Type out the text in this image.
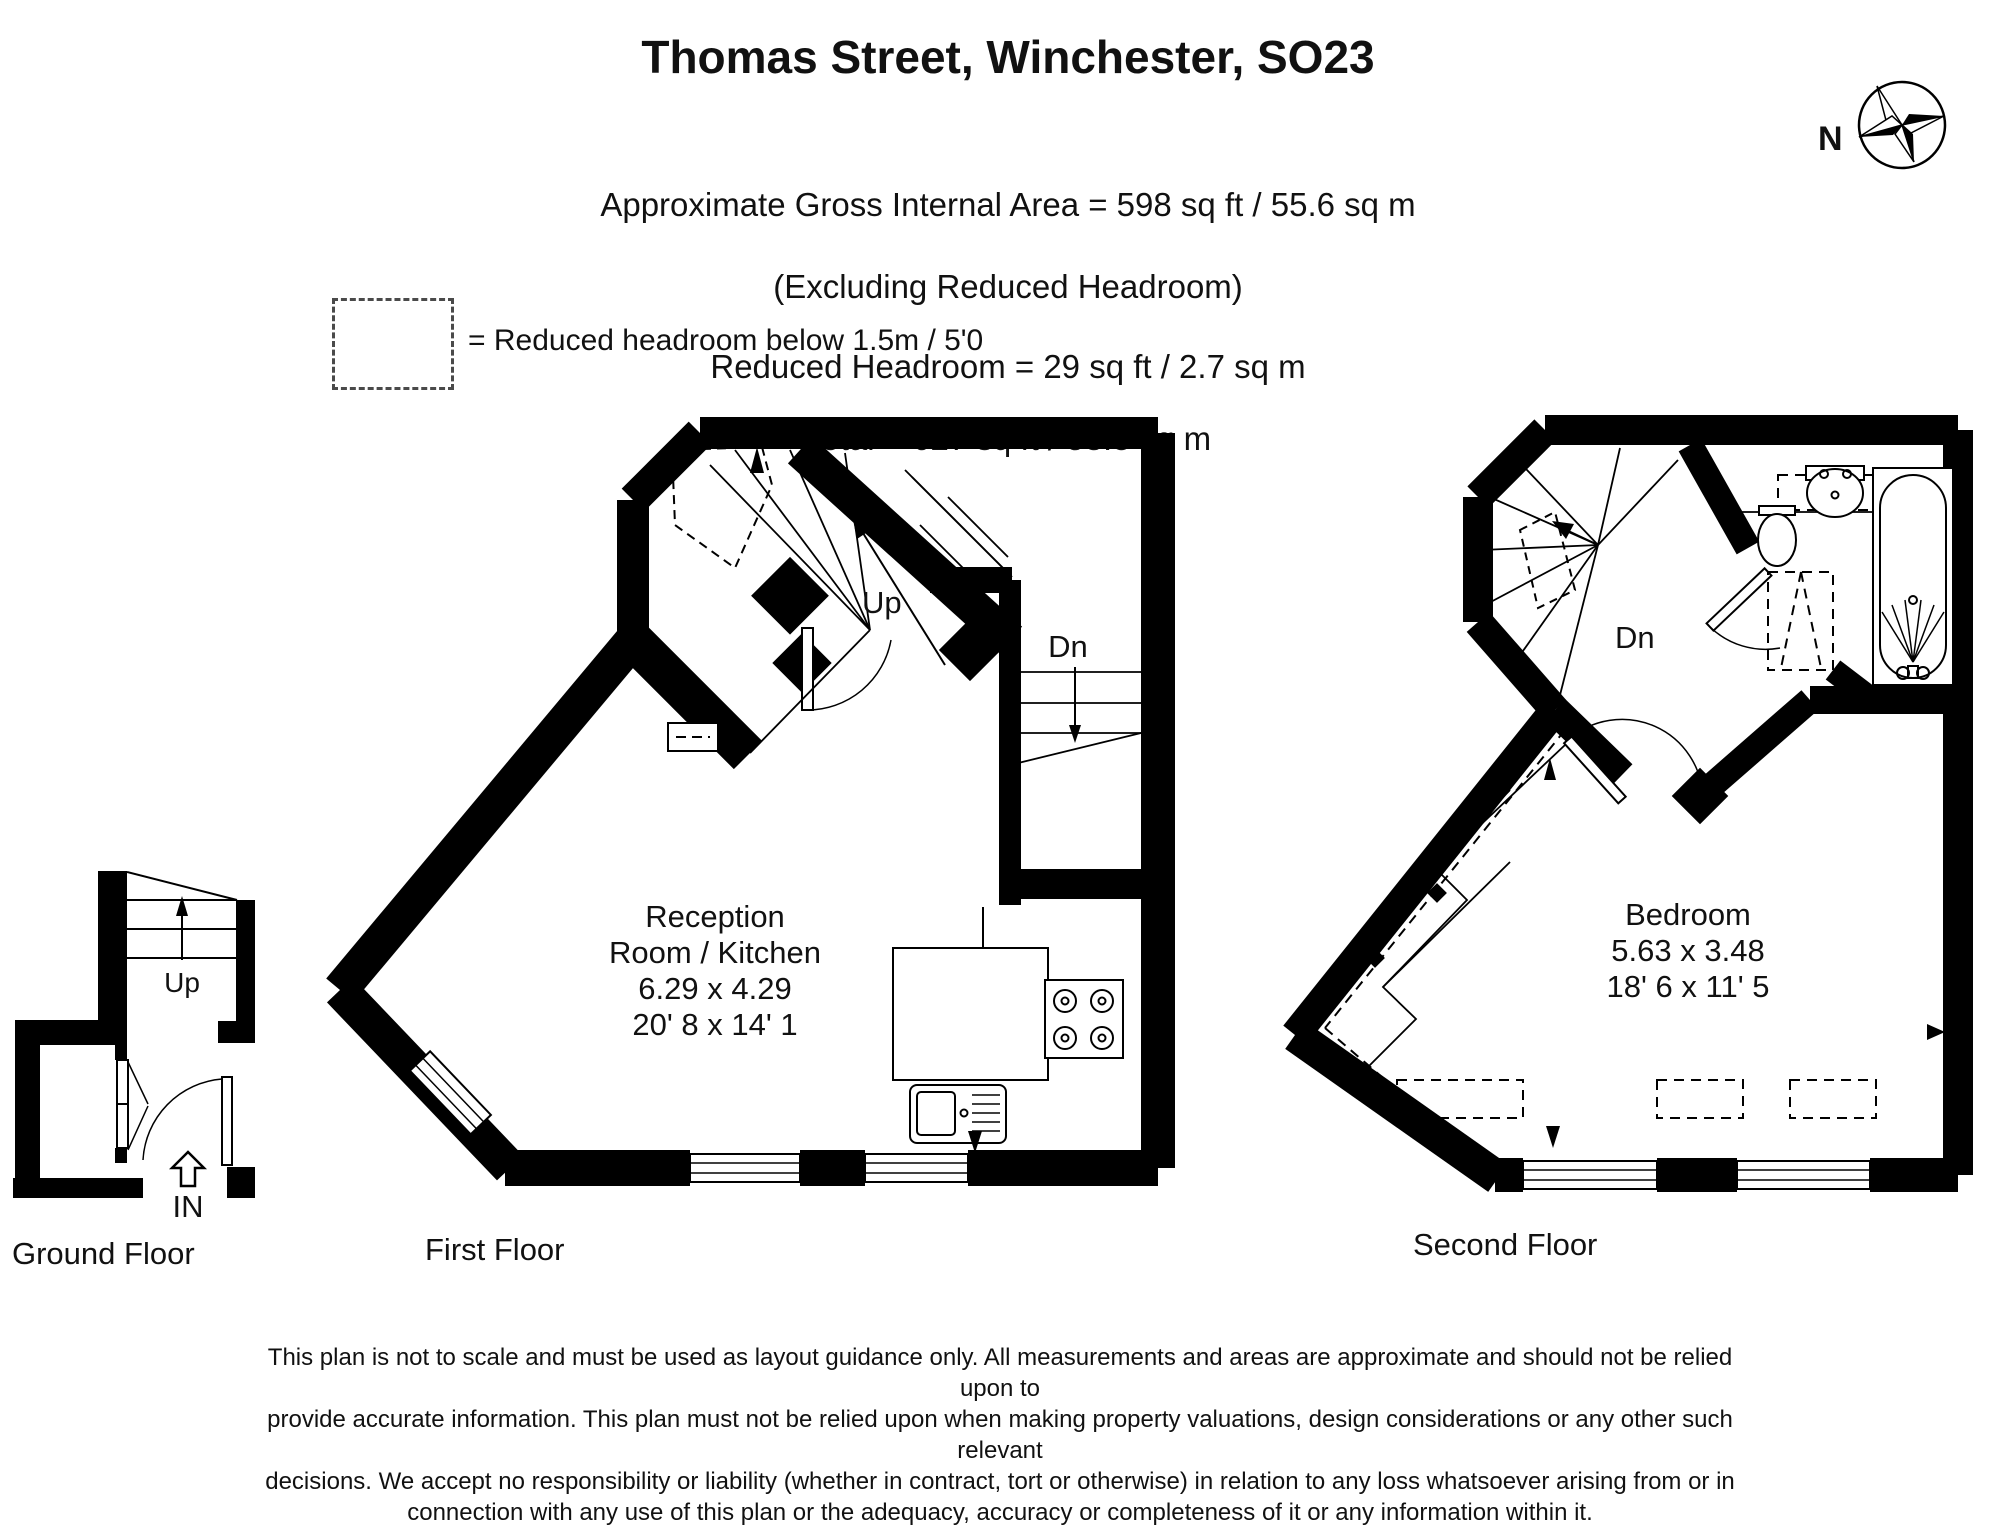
Thomas Street, Winchester, SO23
Approximate Gross Internal Area = 598 sq ft / 55.6 sq m
(Excluding Reduced Headroom)
Reduced Headroom = 29 sq ft / 2.7 sq m
Total = 627 sq ft / 58.3 sq m
= Reduced headroom below 1.5m / 5'0
N
Up
IN
Ground Floor
Up
Dn
Reception
Room / Kitchen
6.29 x 4.29
20' 8 x 14' 1
First Floor
Dn
Bedroom
5.63 x 3.48
18' 6 x 11' 5
Second Floor
This plan is not to scale and must be used as layout guidance only. All measurements and areas are approximate and should not be relied upon to
provide accurate information. This plan must not be relied upon when making property valuations, design considerations or any other such relevant
decisions. We accept no responsibility or liability (whether in contract, tort or otherwise) in relation to any loss whatsoever arising from or in
connection with any use of this plan or the adequacy, accuracy or completeness of it or any information within it.
